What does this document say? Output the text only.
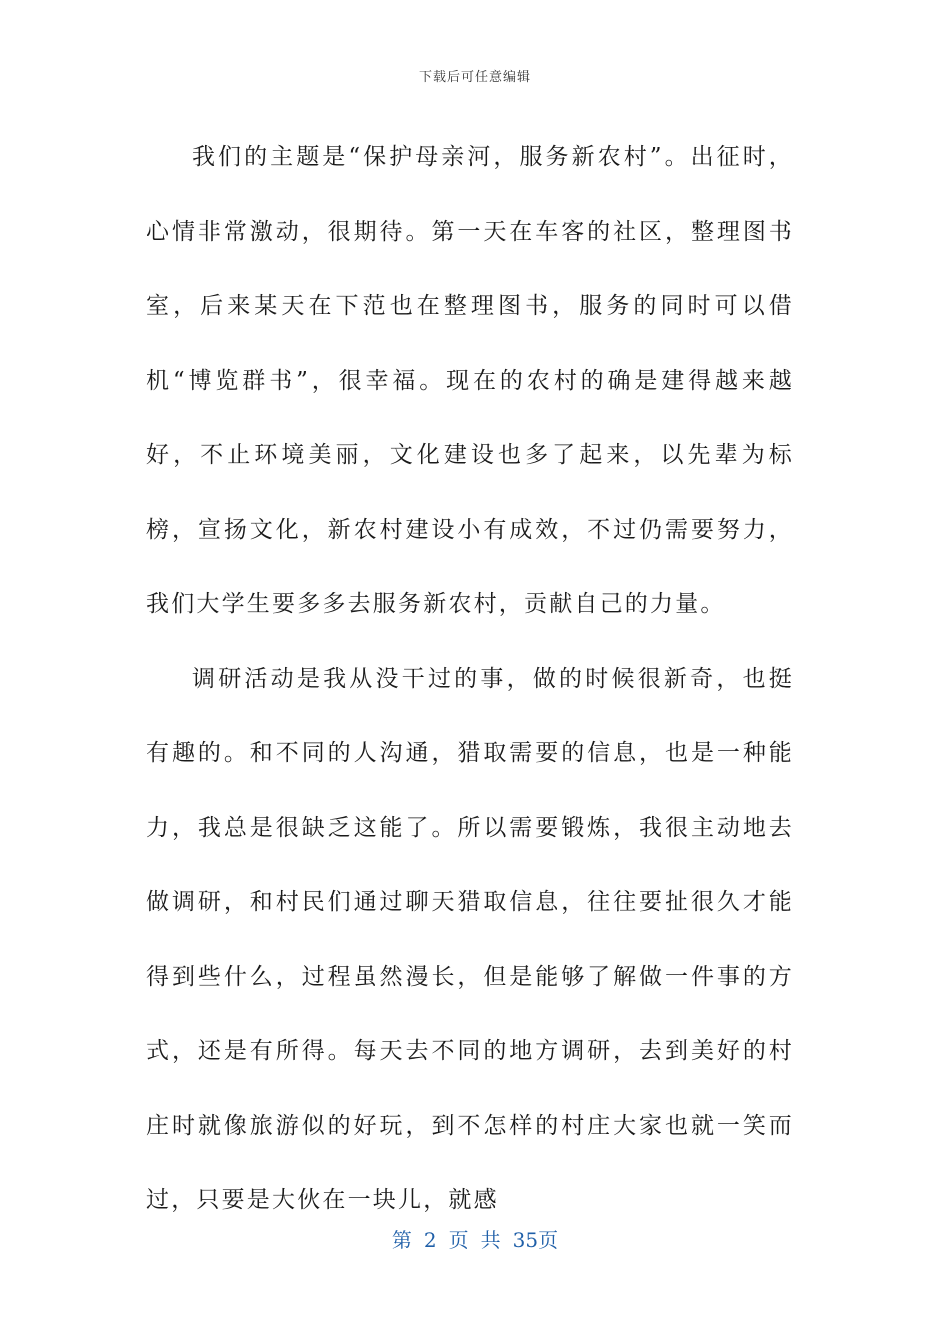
下载后可任意编辑

我们的主题是“保护母亲河，服务新农村”。出征时，心情非常激动，很期待。第一天在车客的社区，整理图书室，后来某天在下范也在整理图书，服务的同时可以借机“博览群书”，很幸福。现在的农村的确是建得越来越好，不止环境美丽，文化建设也多了起来，以先辈为标榜，宣扬文化，新农村建设小有成效，不过仍需要努力，我们大学生要多多去服务新农村，贡献自己的力量。

调研活动是我从没干过的事，做的时候很新奇，也挺有趣的。和不同的人沟通，猎取需要的信息，也是一种能力，我总是很缺乏这能了。所以需要锻炼，我很主动地去做调研，和村民们通过聊天猎取信息，往往要扯很久才能得到些什么，过程虽然漫长，但是能够了解做一件事的方式，还是有所得。每天去不同的地方调研，去到美好的村庄时就像旅游似的好玩，到不怎样的村庄大家也就一笑而过，只要是大伙在一块儿，就感

第 2 页 共 35页
